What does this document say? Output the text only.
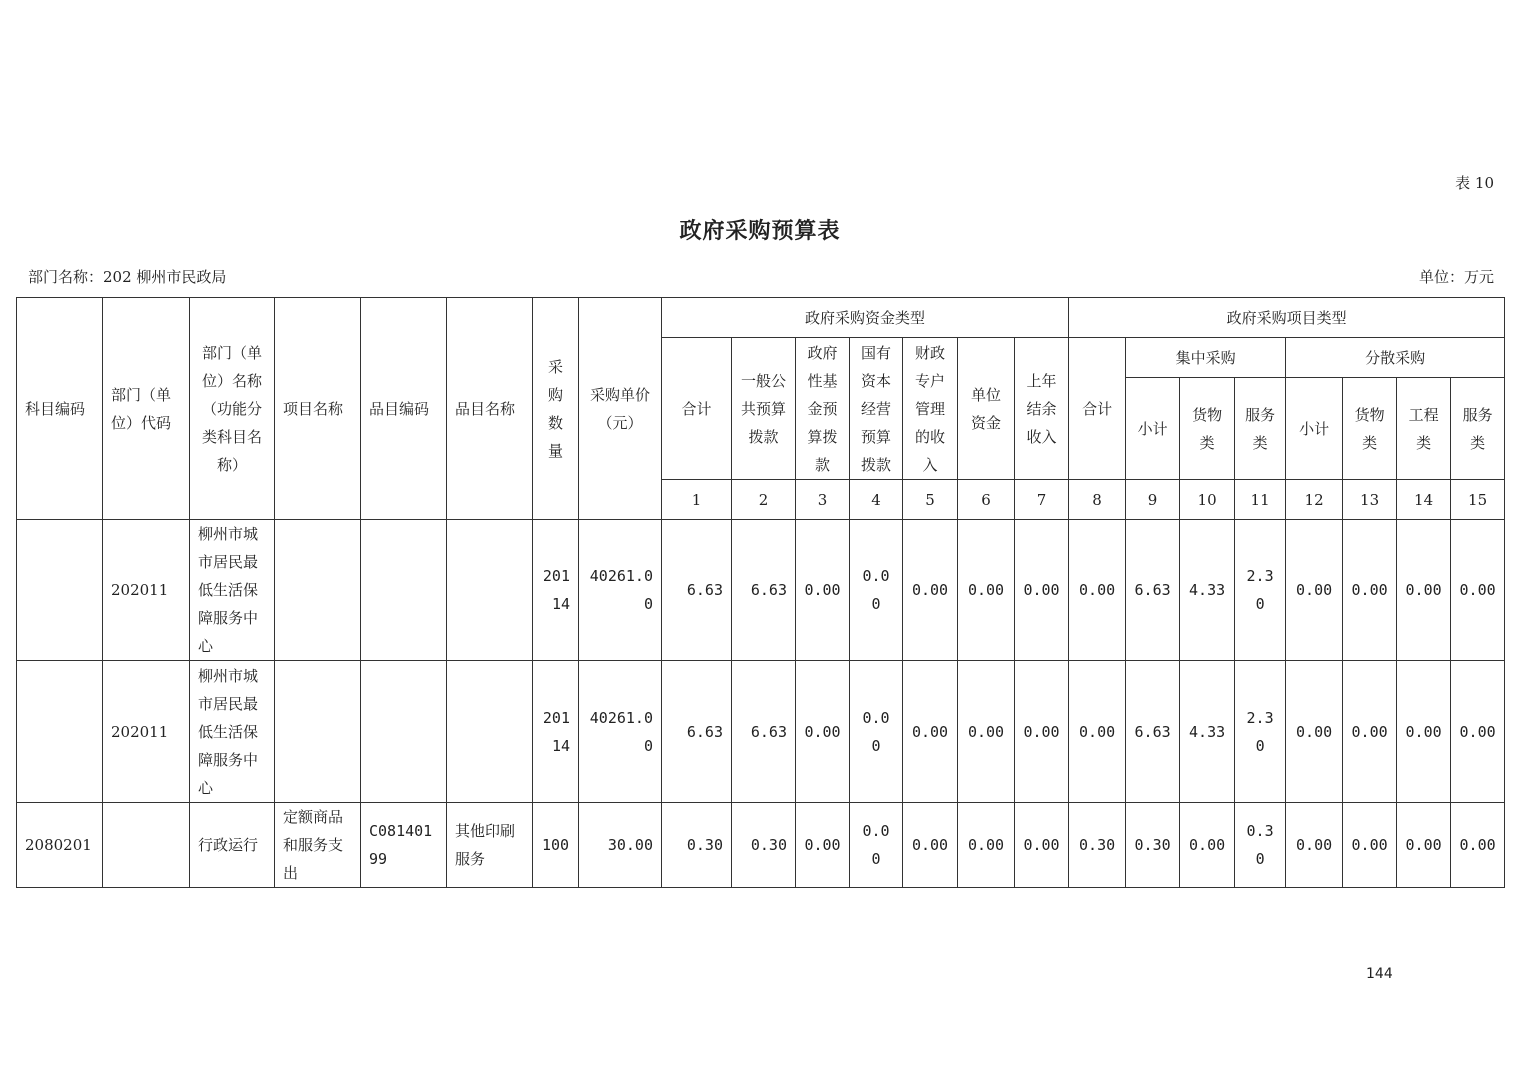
表 10
政府采购预算表
部门名称：202 柳州市民政局	单位：万元
科目编码	部门（单位）代码	部门（单位）名称（功能分类科目名称）	项目名称	品目编码	品目名称	采购数量	采购单价（元）	政府采购资金类型							政府采购项目类型							
								合计	一般公共预算拨款	政府性基金预算拨款	国有资本经营预算拨款	财政专户管理的收入	单位资金	上年结余收入	合计	集中采购			分散采购			
																小计	货物类	服务类	小计	货物类	工程类	服务类
								1	2	3	4	5	6	7	8	9	10	11	12	13	14	15
	202011	柳州市城市居民最低生活保障服务中心				20114	40261.00	6.63	6.63	0.00	0.00	0.00	0.00	0.00	0.00	6.63	4.33	2.30	0.00	0.00	0.00	0.00
	202011	柳州市城市居民最低生活保障服务中心				20114	40261.00	6.63	6.63	0.00	0.00	0.00	0.00	0.00	0.00	6.63	4.33	2.30	0.00	0.00	0.00	0.00
2080201		行政运行	定额商品和服务支出	C08140199	其他印刷服务	100	30.00	0.30	0.30	0.00	0.00	0.00	0.00	0.00	0.30	0.30	0.00	0.30	0.00	0.00	0.00	0.00
144
